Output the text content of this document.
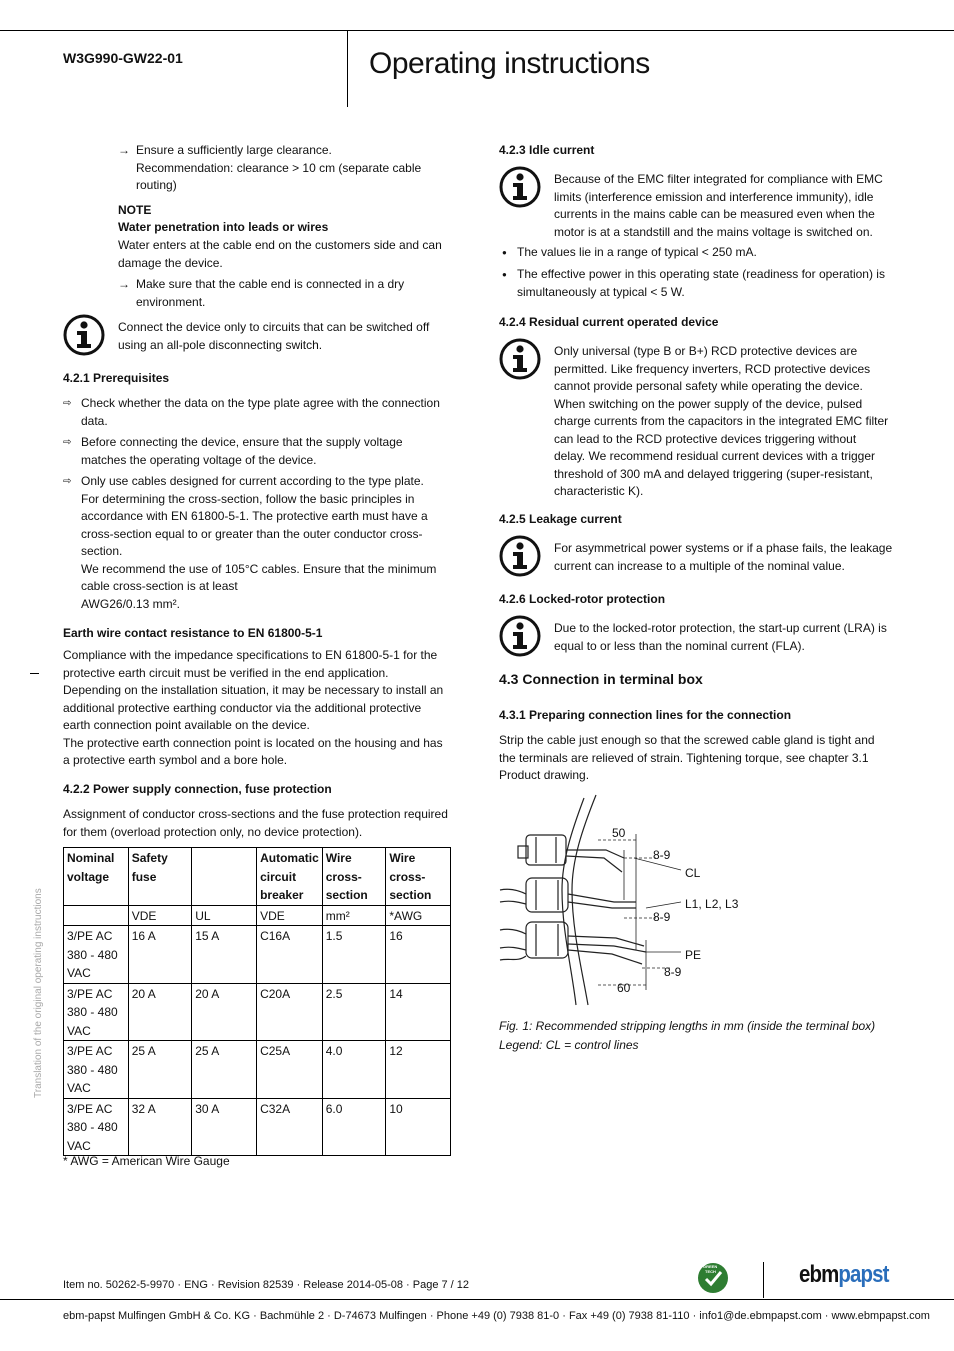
W3G990-GW22-01	Operating instructions
→ Ensure a sufficiently large clearance.
Recommendation: clearance > 10 cm (separate cable routing)
NOTE
Water penetration into leads or wires
Water enters at the cable end on the customers side and can damage the device.
→ Make sure that the cable end is connected in a dry environment.
Connect the device only to circuits that can be switched off using an all-pole disconnecting switch.
4.2.1 Prerequisites
⇨ Check whether the data on the type plate agree with the connection data.
⇨ Before connecting the device, ensure that the supply voltage matches the operating voltage of the device.
⇨ Only use cables designed for current according to the type plate.
For determining the cross-section, follow the basic principles in accordance with EN 61800-5-1. The protective earth must have a cross-section equal to or greater than the outer conductor cross-section.
We recommend the use of 105°C cables. Ensure that the minimum cable cross-section is at least
AWG26/0.13 mm².
Earth wire contact resistance to EN 61800-5-1
Compliance with the impedance specifications to EN 61800-5-1 for the protective earth circuit must be verified in the end application.
Depending on the installation situation, it may be necessary to install an additional protective earthing conductor via the additional protective earth connection point available on the device.
The protective earth connection point is located on the housing and has a protective earth symbol and a bore hole.
4.2.2 Power supply connection, fuse protection
Assignment of conductor cross-sections and the fuse protection required for them (overload protection only, no device protection).
Nominal voltage	Safety fuse		Automatic circuit breaker	Wire cross-section	Wire cross-section
	VDE	UL	VDE	mm²	*AWG
3/PE AC 380 - 480 VAC	16 A	15 A	C16A	1.5	16
3/PE AC 380 - 480 VAC	20 A	20 A	C20A	2.5	14
3/PE AC 380 - 480 VAC	25 A	25 A	C25A	4.0	12
3/PE AC 380 - 480 VAC	32 A	30 A	C32A	6.0	10
* AWG = American Wire Gauge
Translation of the original operating instructions
4.2.3 Idle current
Because of the EMC filter integrated for compliance with EMC limits (interference emission and interference immunity), idle currents in the mains cable can be measured even when the motor is at a standstill and the mains voltage is switched on.
● The values lie in a range of typical < 250 mA.
● The effective power in this operating state (readiness for operation) is simultaneously at typical < 5 W.
4.2.4 Residual current operated device
Only universal (type B or B+) RCD protective devices are permitted. Like frequency inverters, RCD protective devices cannot provide personal safety while operating the device. When switching on the power supply of the device, pulsed charge currents from the capacitors in the integrated EMC filter can lead to the RCD protective devices triggering without delay. We recommend residual current devices with a trigger threshold of 300 mA and delayed triggering (super-resistant, characteristic K).
4.2.5 Leakage current
For asymmetrical power systems or if a phase fails, the leakage current can increase to a multiple of the nominal value.
4.2.6 Locked-rotor protection
Due to the locked-rotor protection, the start-up current (LRA) is equal to or less than the nominal current (FLA).
4.3 Connection in terminal box
4.3.1 Preparing connection lines for the connection
Strip the cable just enough so that the screwed cable gland is tight and the terminals are relieved of strain. Tightening torque, see chapter 3.1 Product drawing.
50
8-9
CL
L1, L2, L3
8-9
PE
8-9
60
Fig. 1: Recommended stripping lengths in mm (inside the terminal box)
Legend: CL = control lines
Item no. 50262-5-9970 · ENG · Revision 82539 · Release 2014-05-08 · Page 7 / 12
GREEN
TECH	ebmpapst
ebm-papst Mulfingen GmbH & Co. KG · Bachmühle 2 · D-74673 Mulfingen · Phone +49 (0) 7938 81-0 · Fax +49 (0) 7938 81-110 · info1@de.ebmpapst.com · www.ebmpapst.com
